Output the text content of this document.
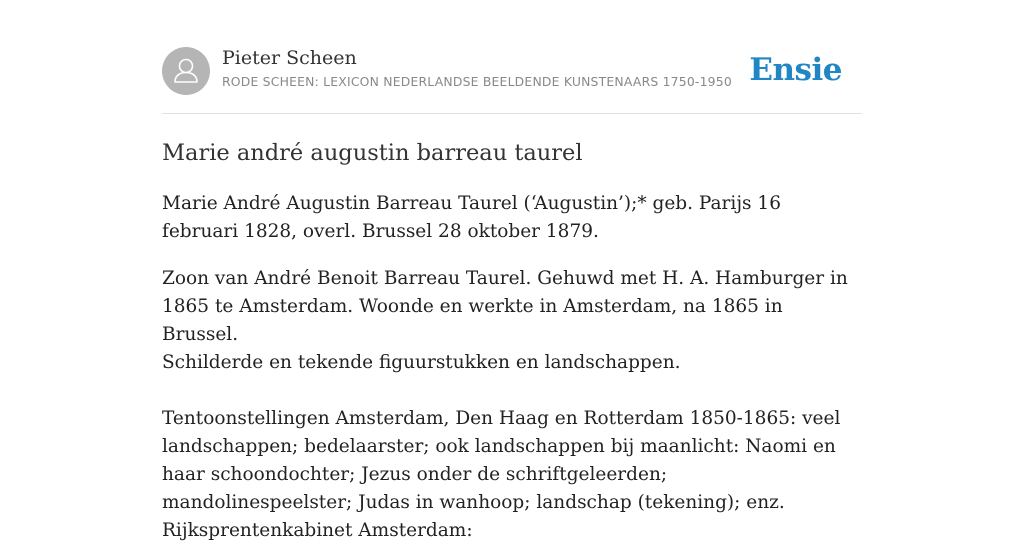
Pieter Scheen
RODE SCHEEN: LEXICON NEDERLANDSE BEELDENDE KUNSTENAARS 1750-1950 Ensie
Marie andré augustin barreau taurel

Marie André Augustin Barreau Taurel (‘Augustin’);* geb. Parijs 16 februari 1828, overl. Brussel 28 oktober 1879.

Zoon van André Benoit Barreau Taurel. Gehuwd met H. A. Hamburger in 1865 te Amsterdam. Woonde en werkte in Amsterdam, na 1865 in Brussel.

Schilderde en tekende figuurstukken en landschappen.

Tentoonstellingen Amsterdam, Den Haag en Rotterdam 1850-1865: veel landschappen; bedelaarster; ook landschappen bij maanlicht: Naomi en haar schoondochter; Jezus onder de schriftgeleerden; mandolinespeelster; Judas in wanhoop; landschap (tekening); enz. Rijksprentenkabinet Amsterdam:
